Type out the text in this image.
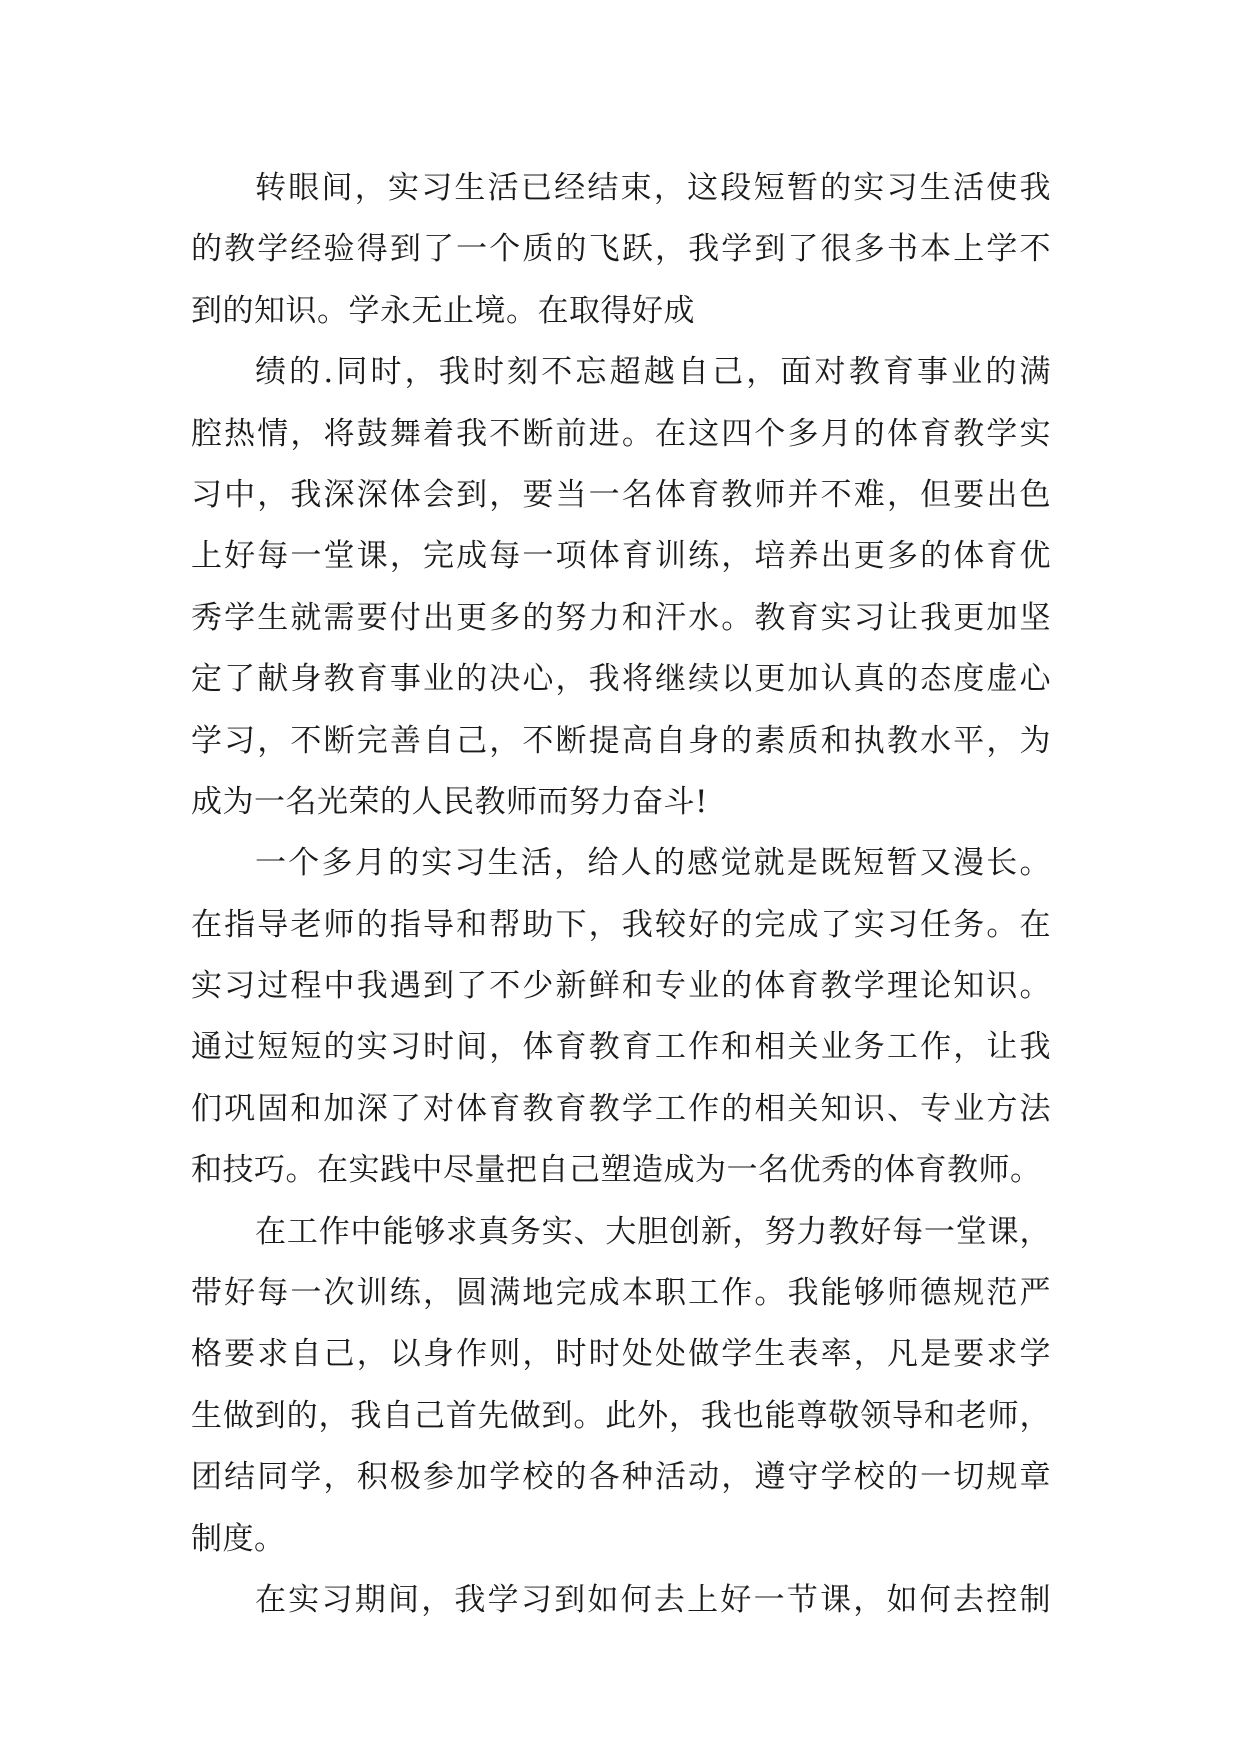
转眼间，实习生活已经结束，这段短暂的实习生活使我
的教学经验得到了一个质的飞跃，我学到了很多书本上学不
到的知识。学永无止境。在取得好成
绩的.同时，我时刻不忘超越自己，面对教育事业的满
腔热情，将鼓舞着我不断前进。在这四个多月的体育教学实
习中，我深深体会到，要当一名体育教师并不难，但要出色
上好每一堂课，完成每一项体育训练，培养出更多的体育优
秀学生就需要付出更多的努力和汗水。教育实习让我更加坚
定了献身教育事业的决心，我将继续以更加认真的态度虚心
学习，不断完善自己，不断提高自身的素质和执教水平，为
成为一名光荣的人民教师而努力奋斗!
一个多月的实习生活，给人的感觉就是既短暂又漫长。
在指导老师的指导和帮助下，我较好的完成了实习任务。在
实习过程中我遇到了不少新鲜和专业的体育教学理论知识。
通过短短的实习时间，体育教育工作和相关业务工作，让我
们巩固和加深了对体育教育教学工作的相关知识、专业方法
和技巧。在实践中尽量把自己塑造成为一名优秀的体育教师。
在工作中能够求真务实、大胆创新，努力教好每一堂课，
带好每一次训练，圆满地完成本职工作。我能够师德规范严
格要求自己，以身作则，时时处处做学生表率，凡是要求学
生做到的，我自己首先做到。此外，我也能尊敬领导和老师，
团结同学，积极参加学校的各种活动，遵守学校的一切规章
制度。
在实习期间，我学习到如何去上好一节课，如何去控制
